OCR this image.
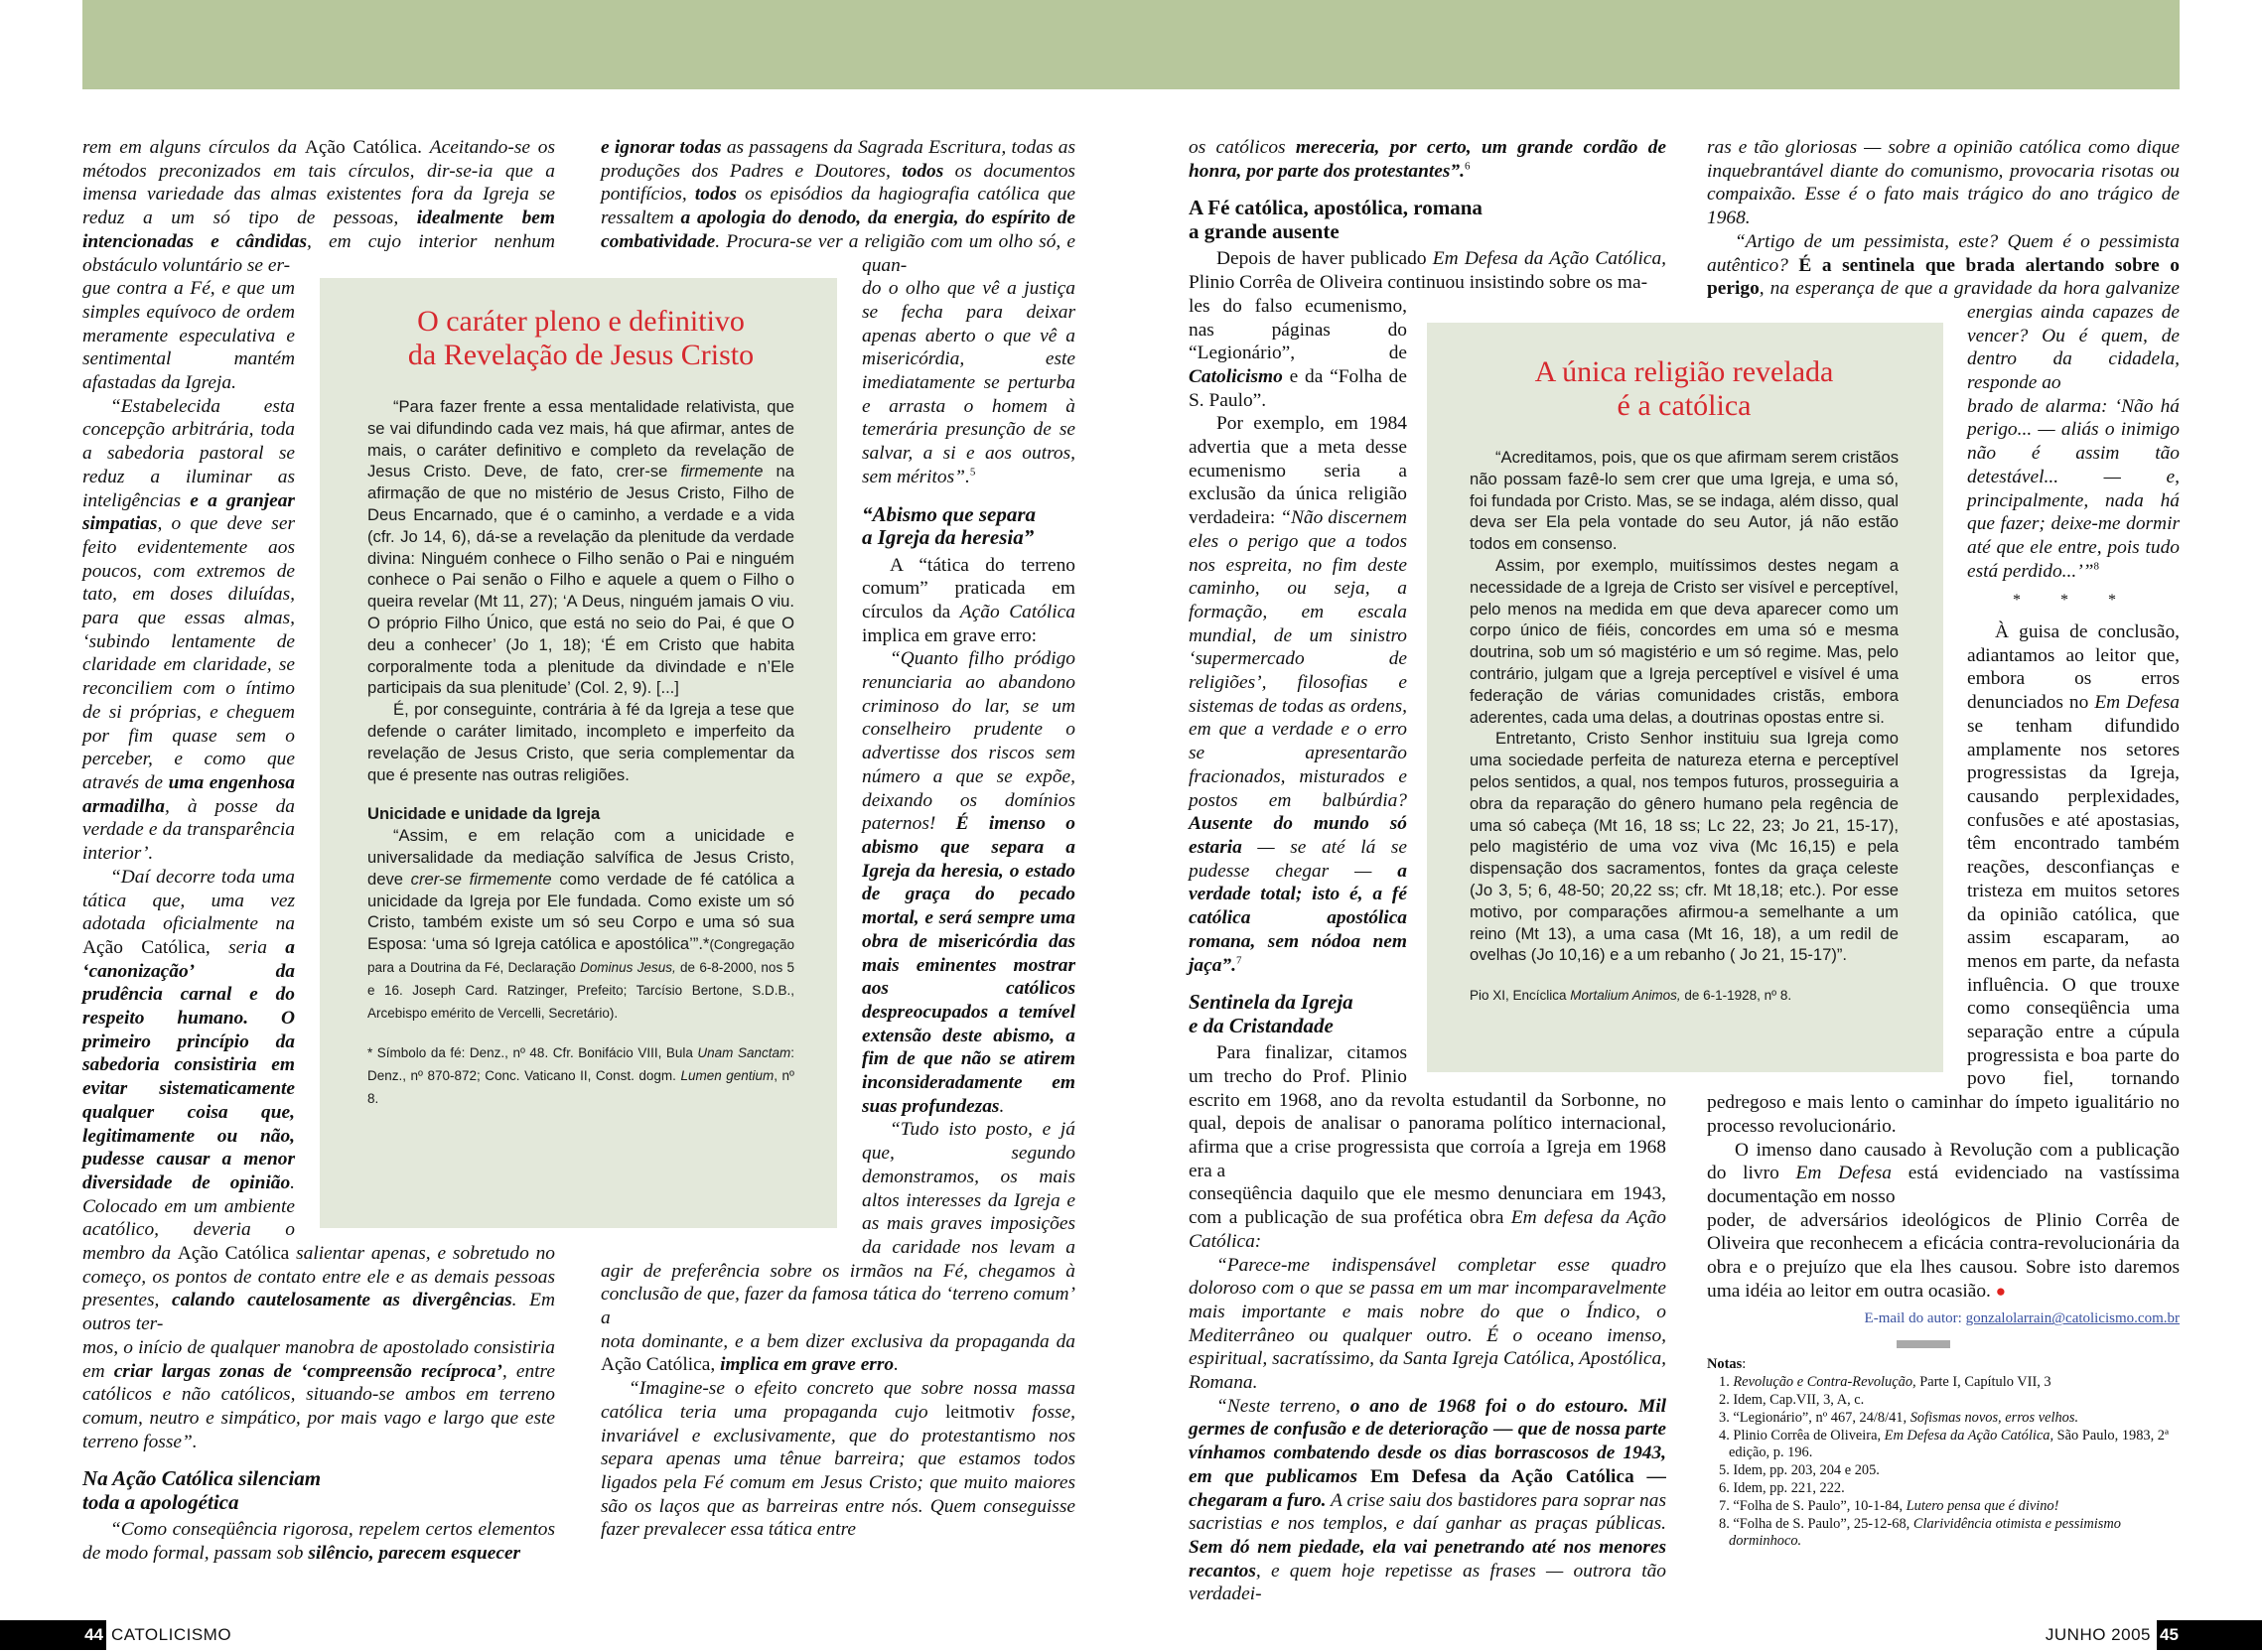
rem em alguns círculos da Ação Católica. Aceitando-se os métodos preconizados em tais círculos, dir-se-ia que a imensa variedade das almas existentes fora da Igreja se reduz a um só tipo de pessoas, idealmente bem intencionadas e cândidas, em cujo interior nenhum obstáculo voluntário se er-

gue contra a Fé, e que um simples equívoco de ordem meramente especulativa e sentimental mantém afastadas da Igreja.

“Estabelecida esta concepção arbitrária, toda a sabedoria pastoral se reduz a iluminar as inteligências e a granjear simpatias, o que deve ser feito evidentemente aos poucos, com extremos de tato, em doses diluídas, para que essas almas, ‘subindo lentamente de claridade em claridade, se reconciliem com o íntimo de si próprias, e cheguem por fim quase sem o perceber, e como que através de uma engenhosa armadilha, à posse da verdade e da transparência interior’.

“Daí decorre toda uma tática que, uma vez adotada oficialmente na Ação Católica, seria a ‘canonização’ da prudência carnal e do respeito humano. O primeiro princípio da sabedoria consistiria em evitar sistematicamente qualquer coisa que, legitimamente ou não, pudesse causar a menor diversidade de opinião. Colocado em um ambiente acatólico, deveria o membro da Ação Católica salientar apenas, e sobretudo no começo, os pontos de contato entre ele e as demais pessoas presentes, calando cautelosamente as divergências. Em outros ter-

mos, o início de qualquer manobra de apostolado consistiria em criar largas zonas de ‘compreensão recíproca’, entre católicos e não católicos, situando-se ambos em terreno comum, neutro e simpático, por mais vago e largo que este terreno fosse”.

Na Ação Católica silenciam
toda a apologética

“Como conseqüência rigorosa, repelem certos elementos de modo formal, passam sob silêncio, parecem esquecer

e ignorar todas as passagens da Sagrada Escritura, todas as produções dos Padres e Doutores, todos os documentos pontifícios, todos os episódios da hagiografia católica que ressaltem a apologia do denodo, da energia, do espírito de combatividade. Procura-se ver a religião com um olho só, e quan-

do o olho que vê a justiça se fecha para deixar apenas aberto o que vê a misericórdia, este imediatamente se perturba e arrasta o homem à temerária presunção de se salvar, a si e aos outros, sem méritos”.$^5$

“Abismo que separa
a Igreja da heresia”

A “tática do terreno comum” praticada em círculos da Ação Católica implica em grave erro:

“Quanto filho pródigo renunciaria ao abandono criminoso do lar, se um conselheiro prudente o advertisse dos riscos sem número a que se expõe, deixando os domínios paternos! É imenso o abismo que separa a Igreja da heresia, o estado de graça do pecado mortal, e será sempre uma obra de misericórdia das mais eminentes mostrar aos católicos despreocupados a temível extensão deste abismo, a fim de que não se atirem inconsideradamente em suas profundezas.

“Tudo isto posto, e já que, segundo demonstramos, os mais altos interesses da Igreja e as mais graves imposições da caridade nos levam a agir de preferência sobre os irmãos na Fé, chegamos à conclusão de que, fazer da famosa tática do ‘terreno comum’ a

nota dominante, e a bem dizer exclusiva da propaganda da Ação Católica, implica em grave erro.

“Imagine-se o efeito concreto que sobre nossa massa católica teria uma propaganda cujo leitmotiv fosse, invariável e exclusivamente, que do protestantismo nos separa apenas uma tênue barreira; que estamos todos ligados pela Fé comum em Jesus Cristo; que muito maiores são os laços que as barreiras entre nós. Quem conseguisse fazer prevalecer essa tática entre

O caráter pleno e definitivo
da Revelação de Jesus Cristo

“Para fazer frente a essa mentalidade relativista, que se vai difundindo cada vez mais, há que afirmar, antes de mais, o caráter definitivo e completo da revelação de Jesus Cristo. Deve, de fato, crer-se firmemente na afirmação de que no mistério de Jesus Cristo, Filho de Deus Encarnado, que é o caminho, a verdade e a vida (cfr. Jo 14, 6), dá-se a revelação da plenitude da verdade divina: Ninguém conhece o Filho senão o Pai e ninguém conhece o Pai senão o Filho e aquele a quem o Filho o queira revelar (Mt 11, 27); ‘A Deus, ninguém jamais O viu. O próprio Filho Único, que está no seio do Pai, é que O deu a conhecer’ (Jo 1, 18); ‘É em Cristo que habita corporalmente toda a plenitude da divindade e n’Ele participais da sua plenitude’ (Col. 2, 9). [...]

É, por conseguinte, contrária à fé da Igreja a tese que defende o caráter limitado, incompleto e imperfeito da revelação de Jesus Cristo, que seria complementar da que é presente nas outras religiões.

Unicidade e unidade da Igreja

“Assim, e em relação com a unicidade e universalidade da mediação salvífica de Jesus Cristo, deve crer-se firmemente como verdade de fé católica a unicidade da Igreja por Ele fundada. Como existe um só Cristo, também existe um só seu Corpo e uma só sua Esposa: ‘uma só Igreja católica e apostólica’”.*(Congregação para a Doutrina da Fé, Declaração Dominus Jesus, de 6-8-2000, nos 5 e 16. Joseph Card. Ratzinger, Prefeito; Tarcísio Bertone, S.D.B., Arcebispo emérito de Vercelli, Secretário).

* Símbolo da fé: Denz., nº 48. Cfr. Bonifácio VIII, Bula Unam Sanctam: Denz., nº 870-872; Conc. Vaticano II, Const. dogm. Lumen gentium, nº 8.

os católicos mereceria, por certo, um grande cordão de honra, por parte dos protestantes”.$^6$

A Fé católica, apostólica, romana
a grande ausente

Depois de haver publicado Em Defesa da Ação Católica, Plinio Corrêa de Oliveira continuou insistindo sobre os ma-

les do falso ecumenismo, nas páginas do “Legionário”, de Catolicismo e da “Folha de S. Paulo”.

Por exemplo, em 1984 advertia que a meta desse ecumenismo seria a exclusão da única religião verdadeira: “Não discernem eles o perigo que a todos nos espreita, no fim deste caminho, ou seja, a formação, em escala mundial, de um sinistro ‘supermercado de religiões’, filosofias e sistemas de todas as ordens, em que a verdade e o erro se apresentarão fracionados, misturados e postos em balbúrdia? Ausente do mundo só estaria — se até lá se pudesse chegar — a verdade total; isto é, a fé católica apostólica romana, sem nódoa nem jaça”.$^7$

Sentinela da Igreja
e da Cristandade

Para finalizar, citamos um trecho do Prof. Plinio escrito em 1968, ano da revolta estudantil da Sorbonne, no qual, depois de analisar o panorama político internacional, afirma que a crise progressista que corroía a Igreja em 1968 era a

conseqüência daquilo que ele mesmo denunciara em 1943, com a publicação de sua profética obra Em defesa da Ação Católica:

“Parece-me indispensável completar esse quadro doloroso com o que se passa em um mar incomparavelmente mais importante e mais nobre do que o Índico, o Mediterrâneo ou qualquer outro. É o oceano imenso, espiritual, sacratíssimo, da Santa Igreja Católica, Apostólica, Romana.

“Neste terreno, o ano de 1968 foi o do estouro. Mil germes de confusão e de deterioração — que de nossa parte vínhamos combatendo desde os dias borrascosos de 1943, em que publicamos Em Defesa da Ação Católica — chegaram a furo. A crise saiu dos bastidores para soprar nas sacristias e nos templos, e daí ganhar as praças públicas. Sem dó nem piedade, ela vai penetrando até nos menores recantos, e quem hoje repetisse as frases — outrora tão verdadei-

A única religião revelada
é a católica

“Acreditamos, pois, que os que afirmam serem cristãos não possam fazê-lo sem crer que uma Igreja, e uma só, foi fundada por Cristo. Mas, se se indaga, além disso, qual deva ser Ela pela vontade do seu Autor, já não estão todos em consenso.

Assim, por exemplo, muitíssimos destes negam a necessidade de a Igreja de Cristo ser visível e perceptível, pelo menos na medida em que deva aparecer como um corpo único de fiéis, concordes em uma só e mesma doutrina, sob um só magistério e um só regime. Mas, pelo contrário, julgam que a Igreja perceptível e visível é uma federação de várias comunidades cristãs, embora aderentes, cada uma delas, a doutrinas opostas entre si.

Entretanto, Cristo Senhor instituiu sua Igreja como uma sociedade perfeita de natureza eterna e perceptível pelos sentidos, a qual, nos tempos futuros, prosseguiria a obra da reparação do gênero humano pela regência de uma só cabeça (Mt 16, 18 ss; Lc 22, 23; Jo 21, 15-17), pelo magistério de uma voz viva (Mc 16,15) e pela dispensação dos sacramentos, fontes da graça celeste (Jo 3, 5; 6, 48-50; 20,22 ss; cfr. Mt 18,18; etc.). Por esse motivo, por comparações afirmou-a semelhante a um reino (Mt 13), a uma casa (Mt 16, 18), a um redil de ovelhas (Jo 10,16) e a um rebanho ( Jo 21, 15-17)”.

Pio XI, Encíclica Mortalium Animos, de 6-1-1928, nº 8.

ras e tão gloriosas — sobre a opinião católica como dique inquebrantável diante do comunismo, provocaria risotas ou compaixão. Esse é o fato mais trágico do ano trágico de 1968.

“Artigo de um pessimista, este? Quem é o pessimista autêntico? É a sentinela que brada alertando sobre o perigo, na esperança de que a gravidade da hora galvanize energias ainda capazes de vencer? Ou é quem, de dentro da cidadela, responde ao

brado de alarma: ‘Não há perigo... — aliás o inimigo não é assim tão detestável... — e, principalmente, nada há que fazer; deixe-me dormir até que ele entre, pois tudo está perdido...’”$^8$

* * *

À guisa de conclusão, adiantamos ao leitor que, embora os erros denunciados no Em Defesa se tenham difundido amplamente nos setores progressistas da Igreja, causando perplexidades, confusões e até apostasias, têm encontrado também reações, desconfianças e tristeza em muitos setores da opinião católica, que assim escaparam, ao menos em parte, da nefasta influência. O que trouxe como conseqüência uma separação entre a cúpula progressista e boa parte do povo fiel, tornando pedregoso e mais lento o caminhar do ímpeto igualitário no processo revolucionário.

O imenso dano causado à Revolução com a publicação do livro Em Defesa está evidenciado na vastíssima documentação em nosso

poder, de adversários ideológicos de Plinio Corrêa de Oliveira que reconhecem a eficácia contra-revolucionária da obra e o prejuízo que ela lhes causou. Sobre isto daremos uma idéia ao leitor em outra ocasião. ●

E-mail do autor: gonzalolarrain@catolicismo.com.br

Notas:

1. Revolução e Contra-Revolução, Parte I, Capítulo VII, 3

2. Idem, Cap.VII, 3, A, c.

3. “Legionário”, nº 467, 24/8/41, Sofismas novos, erros velhos.

4. Plinio Corrêa de Oliveira, Em Defesa da Ação Católica, São Paulo, 1983, 2ª edição, p. 196.

5. Idem, pp. 203, 204 e 205.

6. Idem, pp. 221, 222.

7. “Folha de S. Paulo”, 10-1-84, Lutero pensa que é divino!

8. “Folha de S. Paulo”, 25-12-68, Clarividência otimista e pessimismo dorminhoco.

44 CATOLICISMO	JUNHO 2005 45
